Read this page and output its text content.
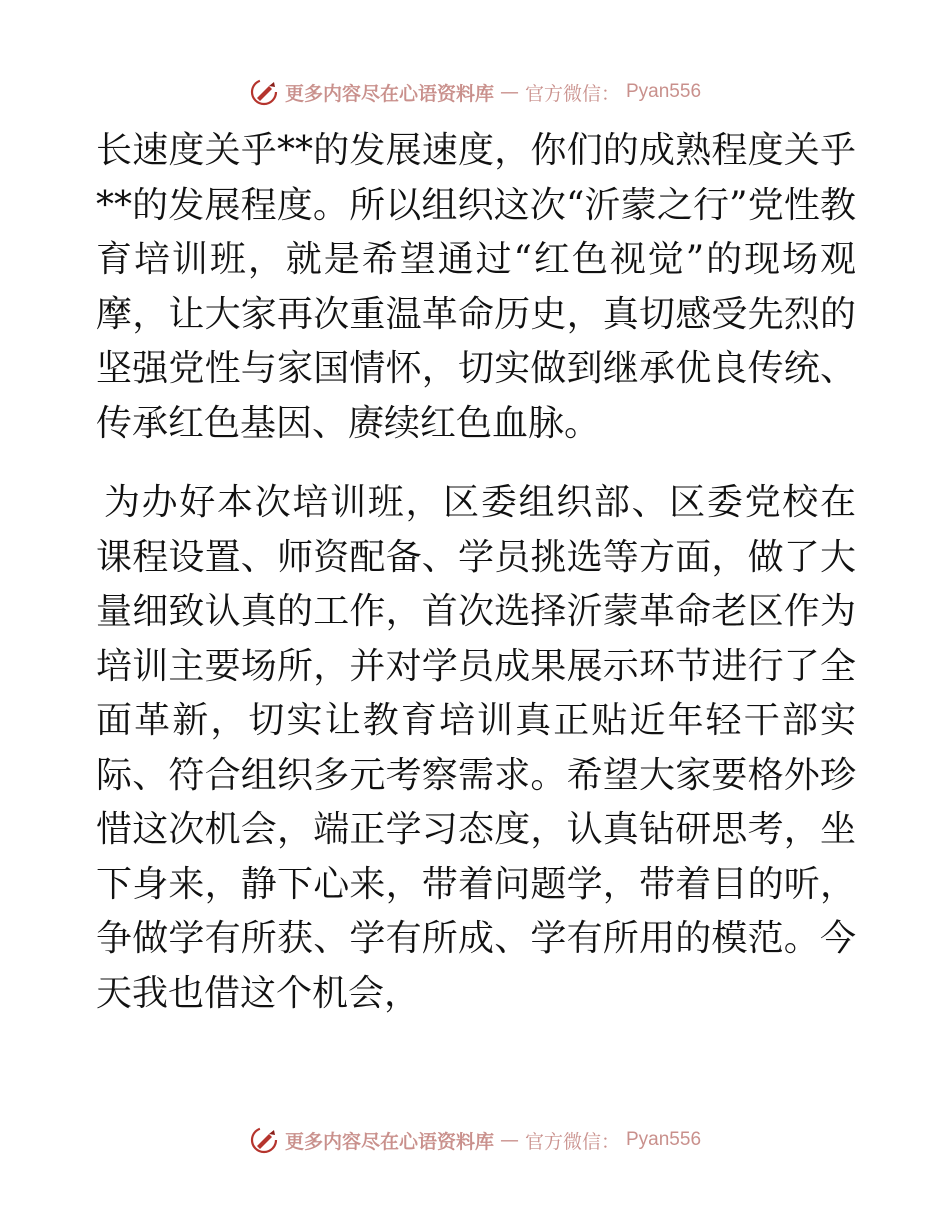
更多内容尽在心语资料库 — 官方微信： Pyan556

长速度关乎**的发展速度，你们的成熟程度关乎**的发展程度。所以组织这次“沂蒙之行”党性教育培训班，就是希望通过“红色视觉”的现场观摩，让大家再次重温革命历史，真切感受先烈的坚强党性与家国情怀，切实做到继承优良传统、传承红色基因、赓续红色血脉。

为办好本次培训班，区委组织部、区委党校在课程设置、师资配备、学员挑选等方面，做了大量细致认真的工作，首次选择沂蒙革命老区作为培训主要场所，并对学员成果展示环节进行了全面革新，切实让教育培训真正贴近年轻干部实际、符合组织多元考察需求。希望大家要格外珍惜这次机会，端正学习态度，认真钻研思考，坐下身来，静下心来，带着问题学，带着目的听，争做学有所获、学有所成、学有所用的模范。今天我也借这个机会，

更多内容尽在心语资料库 — 官方微信： Pyan556
